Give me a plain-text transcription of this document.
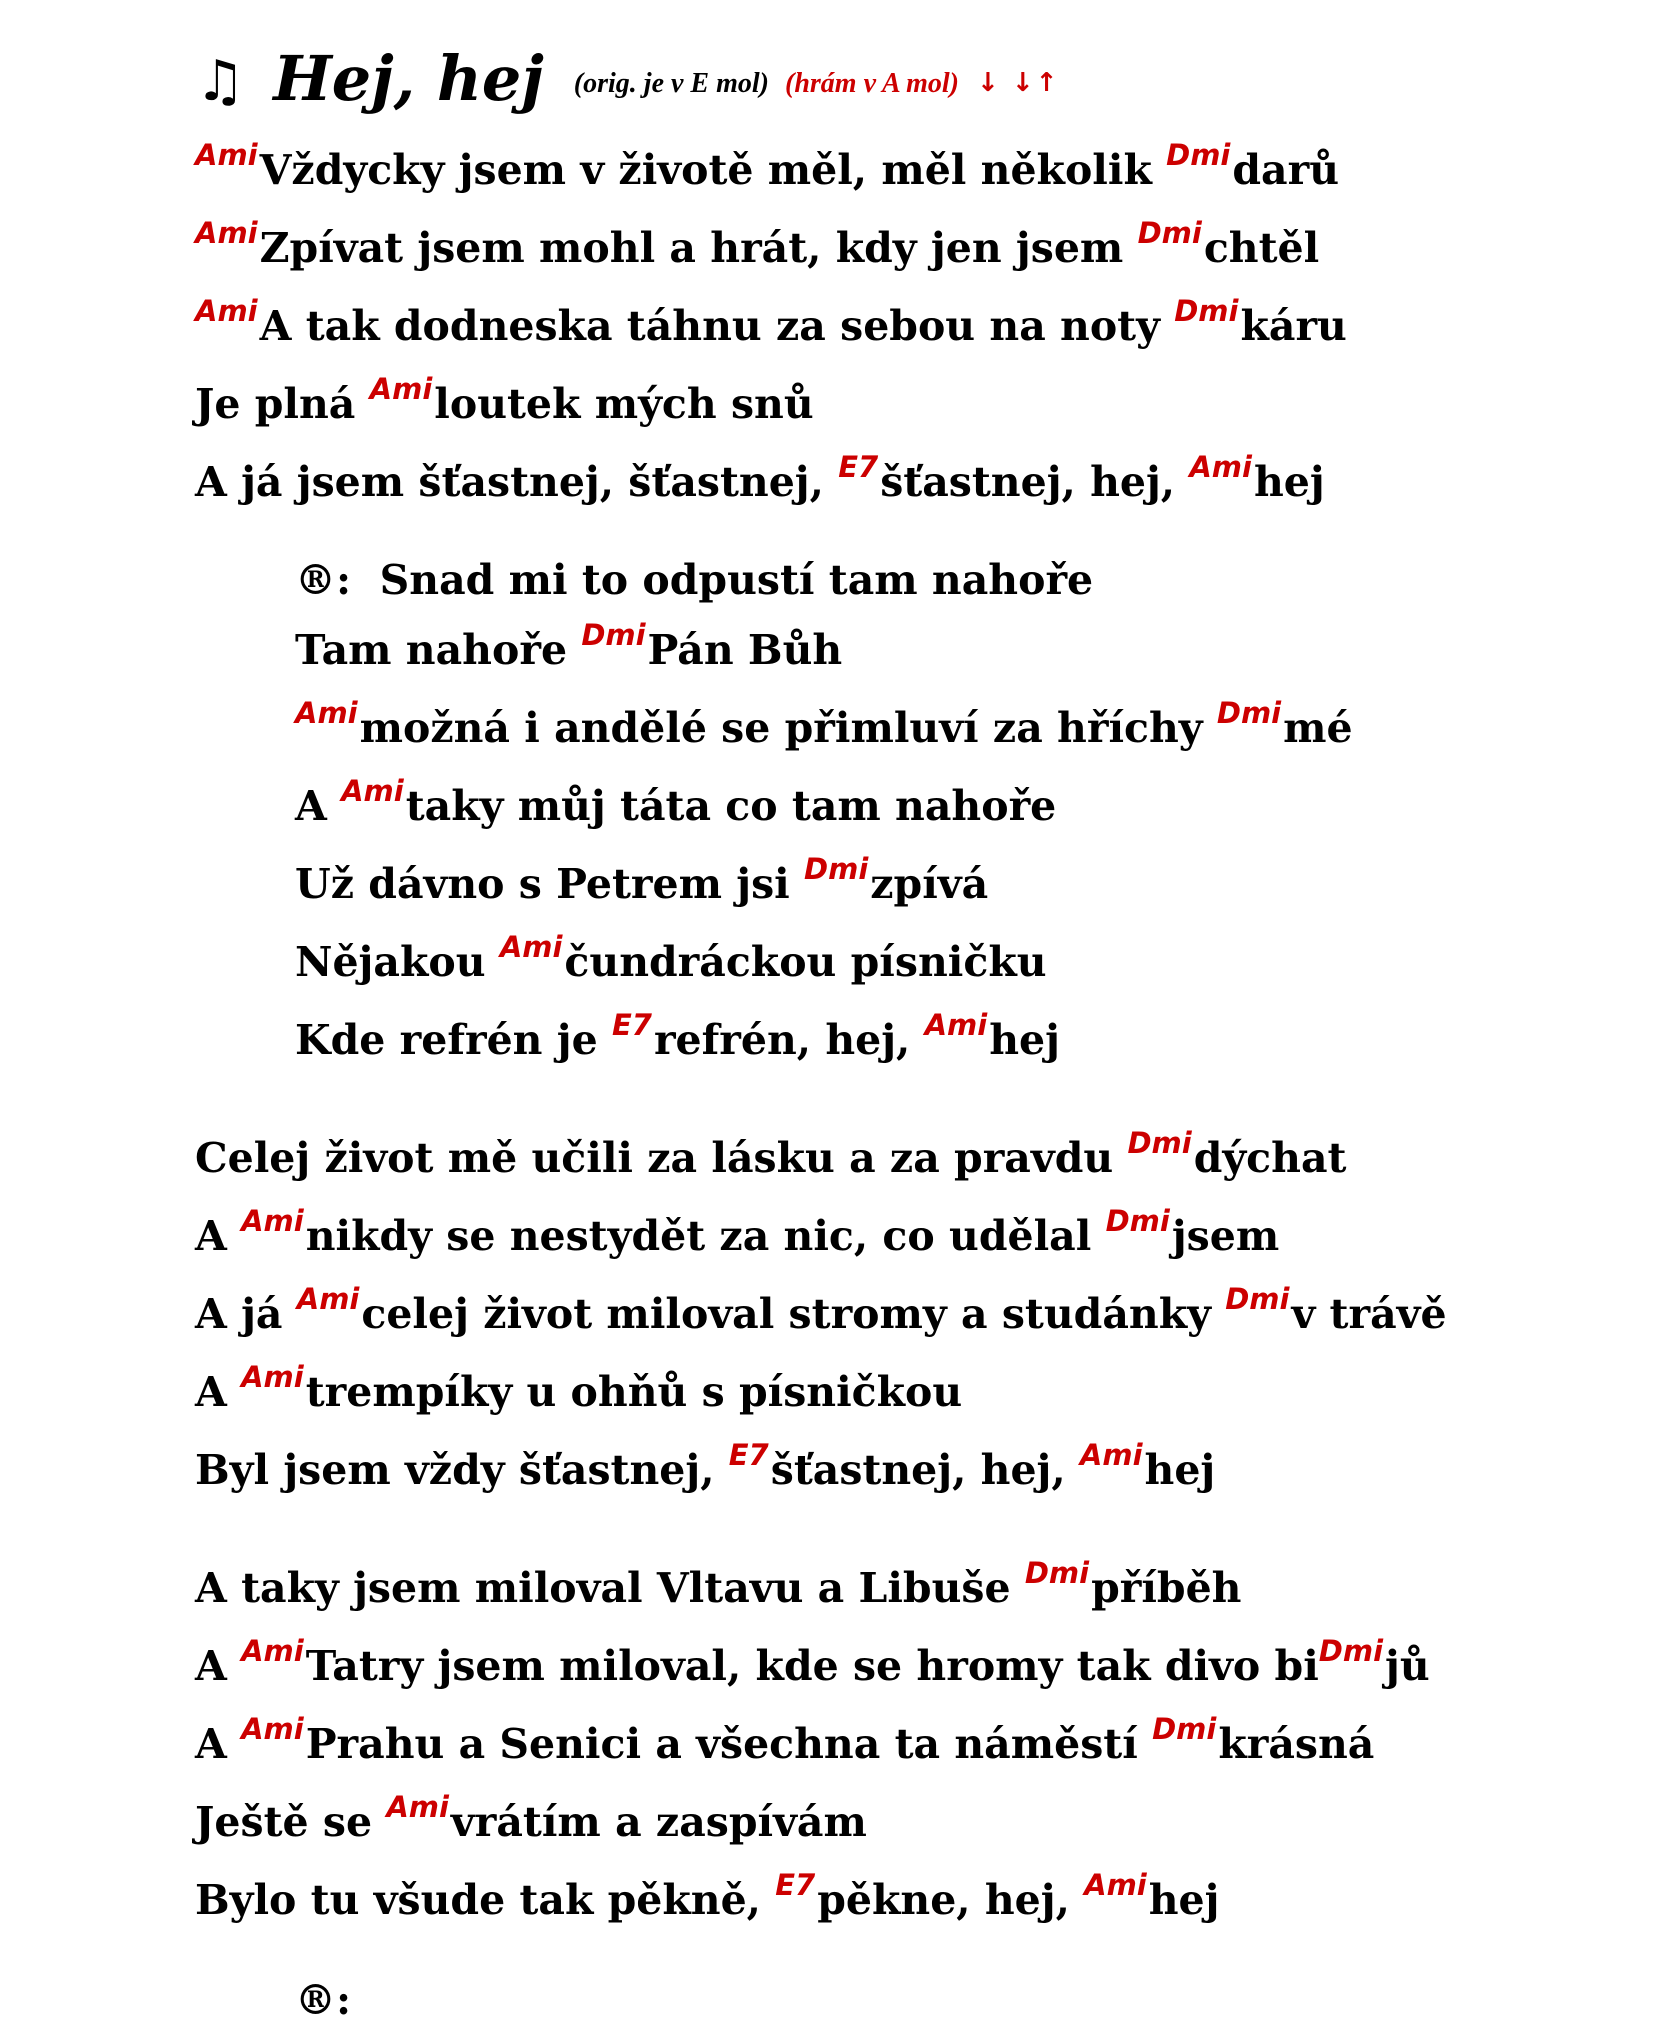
♫ Hej, hej (orig. je v E mol) (hrám v A mol) ↓ ↓↑
$^{Ami}$Vždycky jsem v životě měl, měl několik $^{Dmi}$darů
$^{Ami}$Zpívat jsem mohl a hrát, kdy jen jsem $^{Dmi}$chtěl
$^{Ami}$A tak dodneska táhnu za sebou na noty $^{Dmi}$káru
Je plná $^{Ami}$loutek mých snů
A já jsem šťastnej, šťastnej, $^{E7}$šťastnej, hej, $^{Ami}$hej
®:  Snad mi to odpustí tam nahoře
Tam nahoře $^{Dmi}$Pán Bůh
$^{Ami}$možná i andělé se přimluví za hříchy $^{Dmi}$mé
A $^{Ami}$taky můj táta co tam nahoře
Už dávno s Petrem jsi $^{Dmi}$zpívá
Nějakou $^{Ami}$čundráckou písničku
Kde refrén je $^{E7}$refrén, hej, $^{Ami}$hej
Celej život mě učili za lásku a za pravdu $^{Dmi}$dýchat
A $^{Ami}$nikdy se nestydět za nic, co udělal $^{Dmi}$jsem
A já $^{Ami}$celej život miloval stromy a studánky $^{Dmi}$v trávě
A $^{Ami}$trempíky u ohňů s písničkou
Byl jsem vždy šťastnej, $^{E7}$šťastnej, hej, $^{Ami}$hej
A taky jsem miloval Vltavu a Libuše $^{Dmi}$příběh
A $^{Ami}$Tatry jsem miloval, kde se hromy tak divo $bi^{Dmi}jů$
A $^{Ami}$Prahu a Senici a všechna ta náměstí $^{Dmi}$krásná
Ještě se $^{Ami}$vrátím a zaspívám
Bylo tu všude tak pěkně, $^{E7}$pěkne, hej, $^{Ami}$hej
®:
